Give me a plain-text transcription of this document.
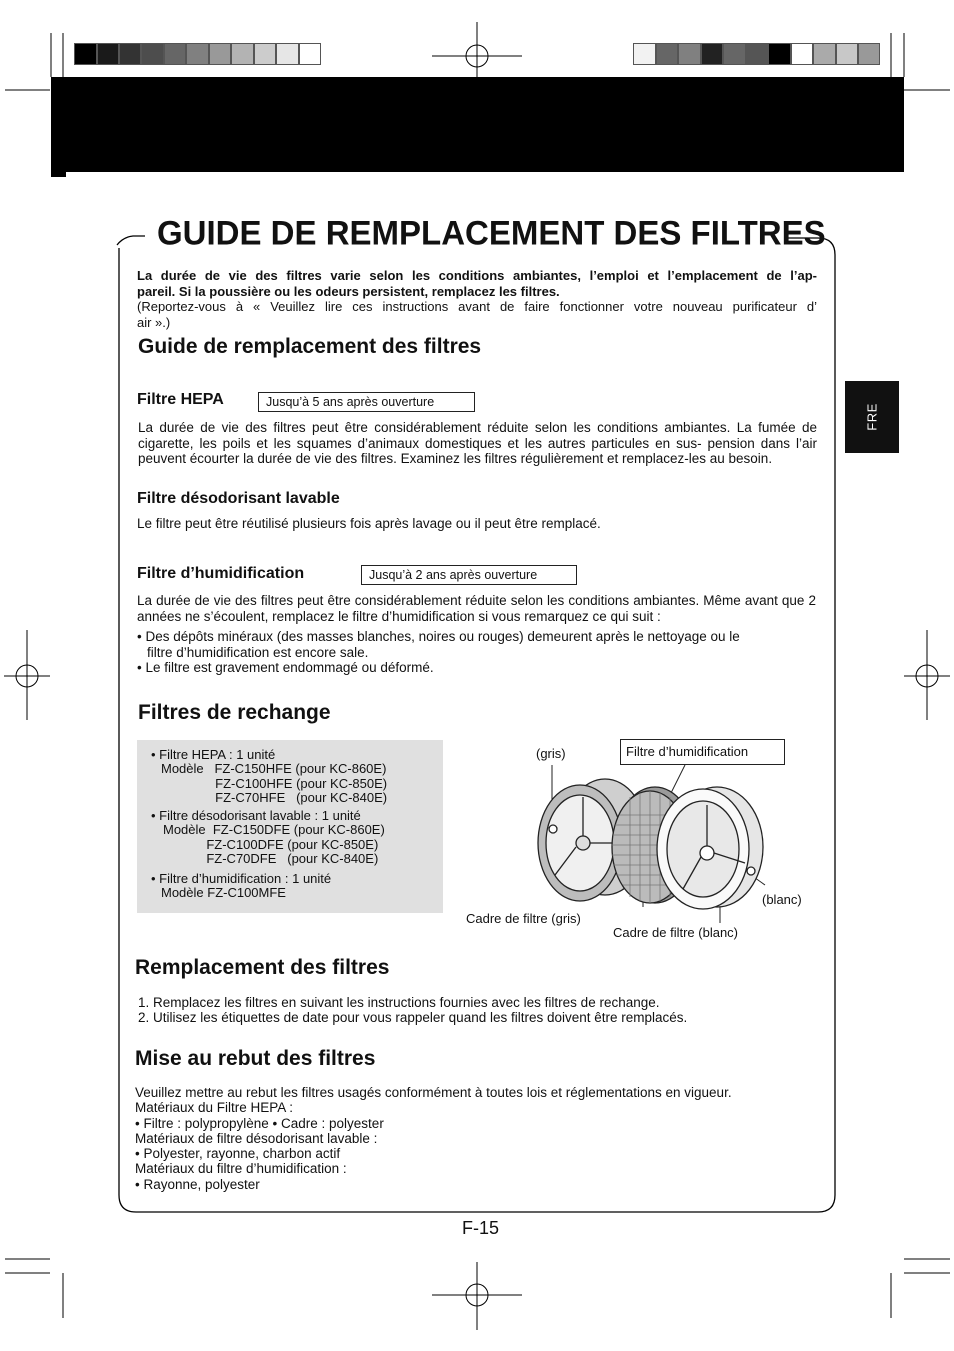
FRE
GUIDE DE REMPLACEMENT DES FILTRES
La durée de vie des filtres varie selon les conditions ambiantes, l’emploi et l’emplacement de l’ap-
pareil. Si la poussière ou les odeurs persistent, remplacez les filtres.
(Reportez-vous à « Veuillez lire ces instructions avant de faire fonctionner votre nouveau purificateur d’
air ».)
Guide de remplacement des filtres
Filtre HEPA	Jusqu’à 5 ans après ouverture
La durée de vie des filtres peut être considérablement réduite selon les conditions ambiantes. La fumée de cigarette, les poils et les squames d’animaux domestiques et les autres particules en sus- pension dans l’air peuvent écourter la durée de vie des filtres. Examinez les filtres régulièrement et remplacez-les au besoin.
Filtre désodorisant lavable
Le filtre peut être réutilisé plusieurs fois après lavage ou il peut être remplacé.
Filtre d’humidification	Jusqu’à 2 ans après ouverture
La durée de vie des filtres peut être considérablement réduite selon les conditions ambiantes. Même avant que 2 années ne s’écoulent, remplacez le filtre d’humidification si vous remarquez ce qui suit :
• Des dépôts minéraux (des masses blanches, noires ou rouges) demeurent après le nettoyage ou le
filtre d’humidification est encore sale.
• Le filtre est gravement endommagé ou déformé.
Filtres de rechange
• Filtre HEPA : 1 unité
Modèle   FZ-C150HFE (pour KC-860E)
FZ-C100HFE (pour KC-850E)
FZ-C70HFE   (pour KC-840E)
• Filtre désodorisant lavable : 1 unité
Modèle  FZ-C150DFE (pour KC-860E)
FZ-C100DFE (pour KC-850E)
FZ-C70DFE   (pour KC-840E)
• Filtre d’humidification : 1 unité
Modèle FZ-C100MFE
(gris)	Filtre d’humidification
(blanc)
Cadre de filtre (gris)
Cadre de filtre (blanc)
Remplacement des filtres
1. Remplacez les filtres en suivant les instructions fournies avec les filtres de rechange.
2. Utilisez les étiquettes de date pour vous rappeler quand les filtres doivent être remplacés.
Mise au rebut des filtres
Veuillez mettre au rebut les filtres usagés conformément à toutes lois et réglementations en vigueur.
Matériaux du Filtre HEPA :
• Filtre : polypropylène • Cadre : polyester
Matériaux de filtre désodorisant lavable :
• Polyester, rayonne, charbon actif
Matériaux du filtre d’humidification :
• Rayonne, polyester
F-15
